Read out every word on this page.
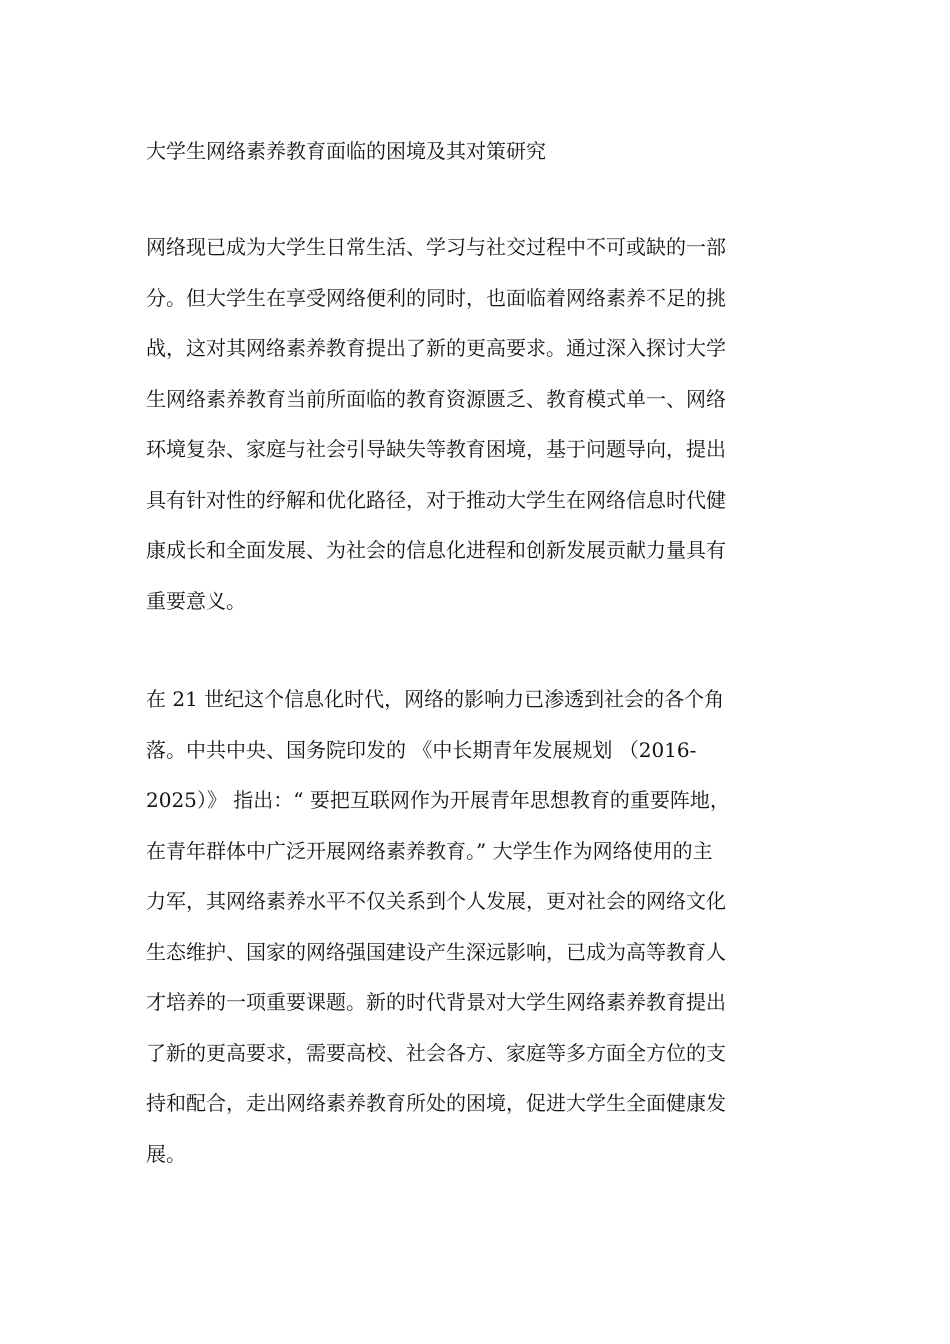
大学生网络素养教育面临的困境及其对策研究
网络现已成为大学生日常生活、学习与社交过程中不可或缺的一部
分。但大学生在享受网络便利的同时，也面临着网络素养不足的挑
战，这对其网络素养教育提出了新的更高要求。通过深入探讨大学
生网络素养教育当前所面临的教育资源匮乏、教育模式单一、网络
环境复杂、家庭与社会引导缺失等教育困境，基于问题导向，提出
具有针对性的纾解和优化路径，对于推动大学生在网络信息时代健
康成长和全面发展、为社会的信息化进程和创新发展贡献力量具有
重要意义。
在 21 世纪这个信息化时代，网络的影响力已渗透到社会的各个角
落。中共中央、国务院印发的 《中长期青年发展规划 （2016-
2025）》 指出：“ 要把互联网作为开展青年思想教育的重要阵地，
在青年群体中广泛开展网络素养教育。” 大学生作为网络使用的主
力军，其网络素养水平不仅关系到个人发展，更对社会的网络文化
生态维护、国家的网络强国建设产生深远影响，已成为高等教育人
才培养的一项重要课题。新的时代背景对大学生网络素养教育提出
了新的更高要求，需要高校、社会各方、家庭等多方面全方位的支
持和配合，走出网络素养教育所处的困境，促进大学生全面健康发
展。
